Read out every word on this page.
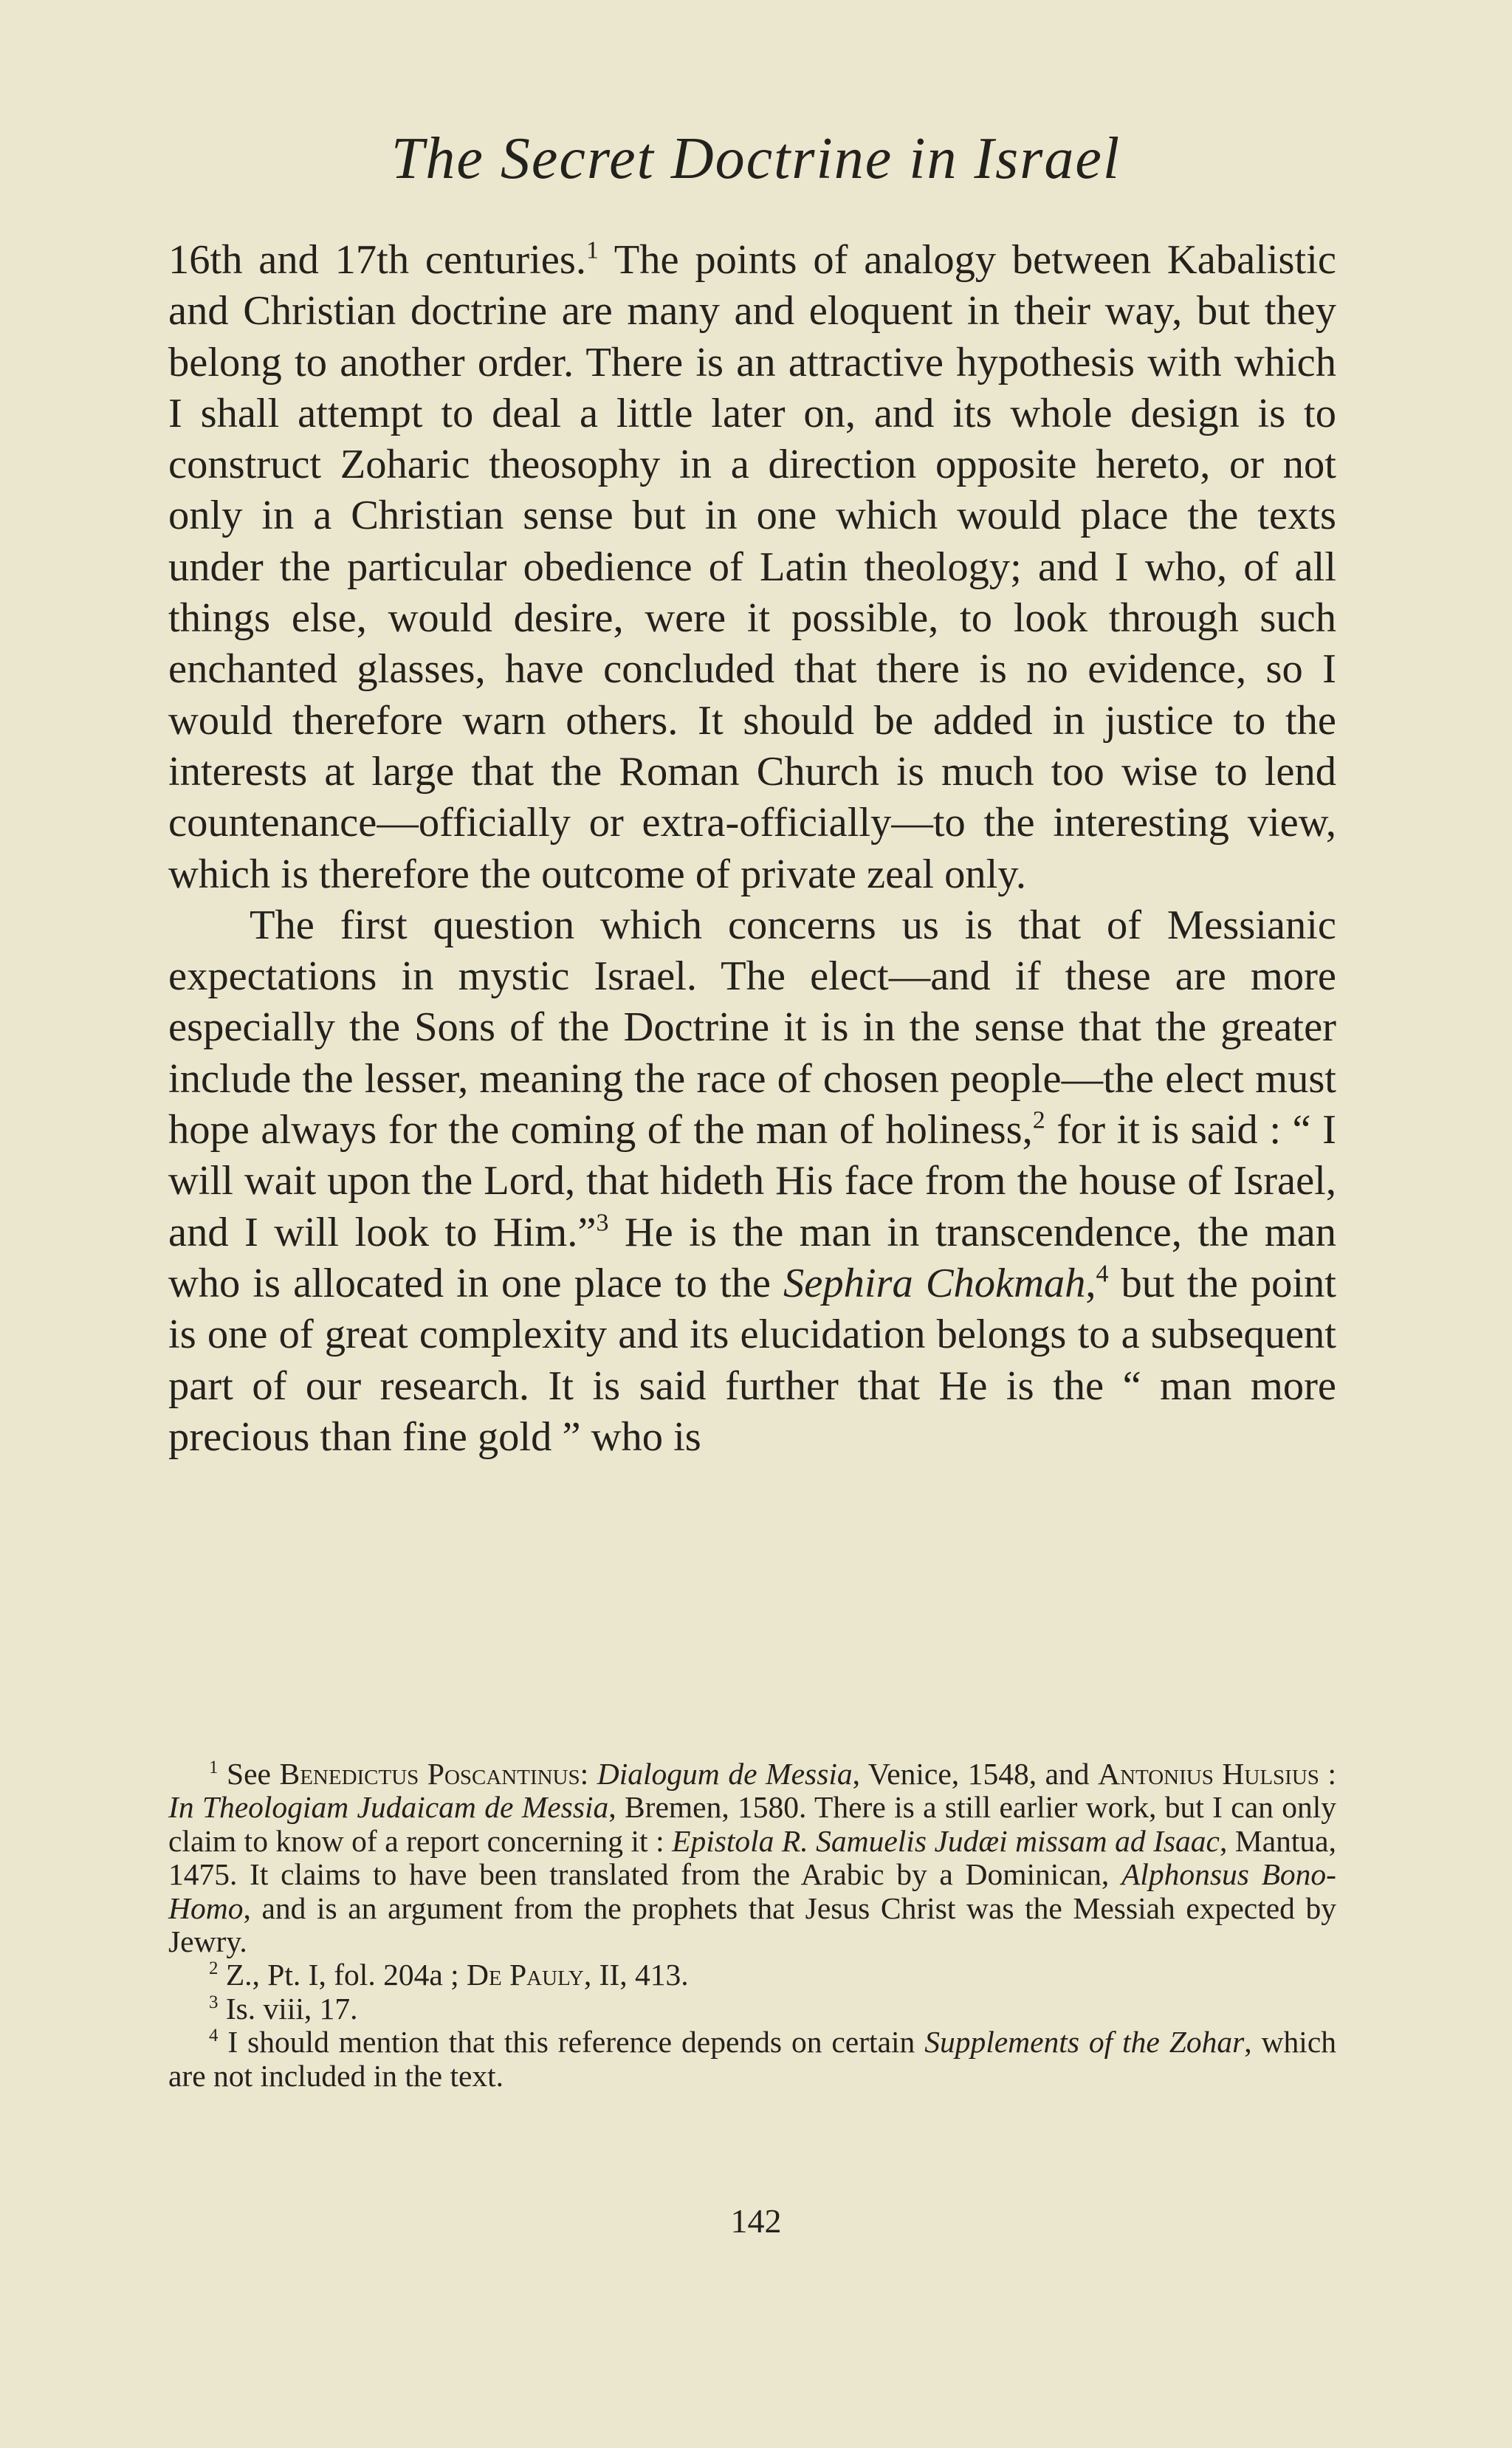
The Secret Doctrine in Israel

16th and 17th centuries.$^1$ The points of analogy between Kabalistic and Christian doctrine are many and eloquent in their way, but they belong to another order. There is an attractive hypothesis with which I shall attempt to deal a little later on, and its whole design is to construct Zoharic theosophy in a direction opposite hereto, or not only in a Christian sense but in one which would place the texts under the particular obedience of Latin theology; and I who, of all things else, would desire, were it possible, to look through such enchanted glasses, have concluded that there is no evidence, so I would therefore warn others. It should be added in justice to the interests at large that the Roman Church is much too wise to lend countenance—officially or extra-officially—to the interesting view, which is therefore the outcome of private zeal only.

The first question which concerns us is that of Messianic expectations in mystic Israel. The elect—and if these are more especially the Sons of the Doctrine it is in the sense that the greater include the lesser, meaning the race of chosen people—the elect must hope always for the coming of the man of holiness,$^2$ for it is said : “ I will wait upon the Lord, that hideth His face from the house of Israel, and I will look to Him.”$^3$ He is the man in transcendence, the man who is allocated in one place to the Sephira Chokmah,$^4$ but the point is one of great complexity and its elucidation belongs to a subsequent part of our research. It is said further that He is the “ man more precious than fine gold ” who is

$^1$ See Benedictus Poscantinus: Dialogum de Messia, Venice, 1548, and Antonius Hulsius : In Theologiam Judaicam de Messia, Bremen, 1580. There is a still earlier work, but I can only claim to know of a report concerning it : Epistola R. Samuelis Judæi missam ad Isaac, Mantua, 1475. It claims to have been translated from the Arabic by a Dominican, Alphonsus Bono-Homo, and is an argument from the prophets that Jesus Christ was the Messiah expected by Jewry.

$^2$ Z., Pt. I, fol. 204a ; De Pauly, II, 413.

$^3$ Is. viii, 17.

$^4$ I should mention that this reference depends on certain Supplements of the Zohar, which are not included in the text.

142
